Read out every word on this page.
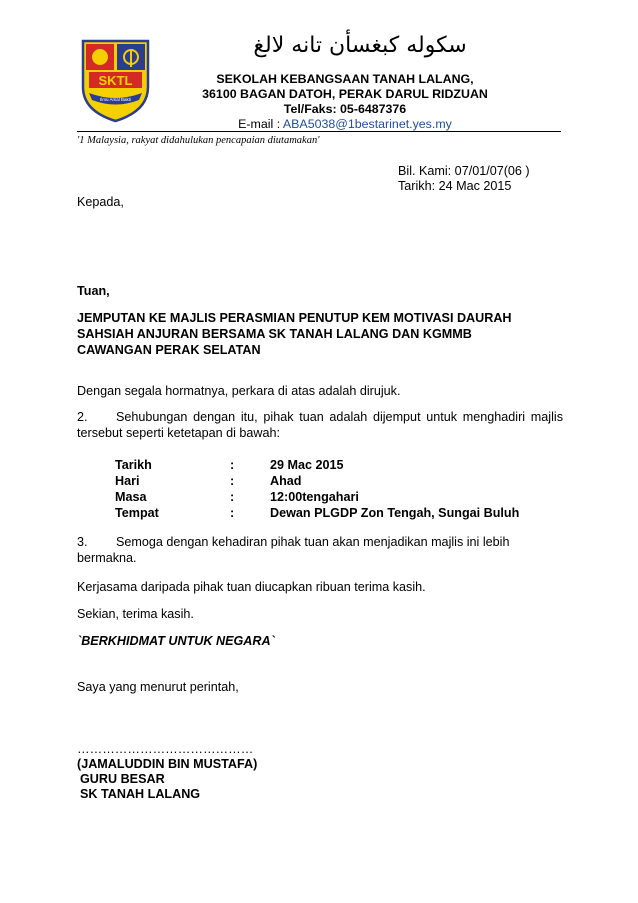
SKTL
Ilmu Amal Bakti
سکوله کبغسأن تانه لالغ
SEKOLAH KEBANGSAAN TANAH LALANG,
36100 BAGAN DATOH, PERAK DARUL RIDZUAN
Tel/Faks: 05-6487376
E-mail : ABA5038@1bestarinet.yes.my
'1 Malaysia, rakyat didahulukan pencapaian diutamakan'
Bil. Kami: 07/01/07(06 )
Tarikh: 24 Mac 2015
Kepada,
Tuan,
JEMPUTAN KE MAJLIS PERASMIAN PENUTUP KEM MOTIVASI DAURAH
SAHSIAH ANJURAN BERSAMA SK TANAH LALANG DAN KGMMB
CAWANGAN PERAK SELATAN
Dengan segala hormatnya, perkara di atas adalah dirujuk.
2.	Sehubungan dengan itu, pihak tuan adalah dijemput untuk menghadiri majlis
tersebut seperti ketetapan di bawah:
Tarikh	:	29 Mac 2015
Hari	:	Ahad
Masa	:	12:00tengahari
Tempat	:	Dewan PLGDP Zon Tengah, Sungai Buluh
3.	Semoga dengan kehadiran pihak tuan akan menjadikan majlis ini lebih
bermakna.
Kerjasama daripada pihak tuan diucapkan ribuan terima kasih.
Sekian, terima kasih.
`BERKHIDMAT UNTUK NEGARA`
Saya yang menurut perintah,
……………………………………
(JAMALUDDIN BIN MUSTAFA)
GURU BESAR
SK TANAH LALANG
